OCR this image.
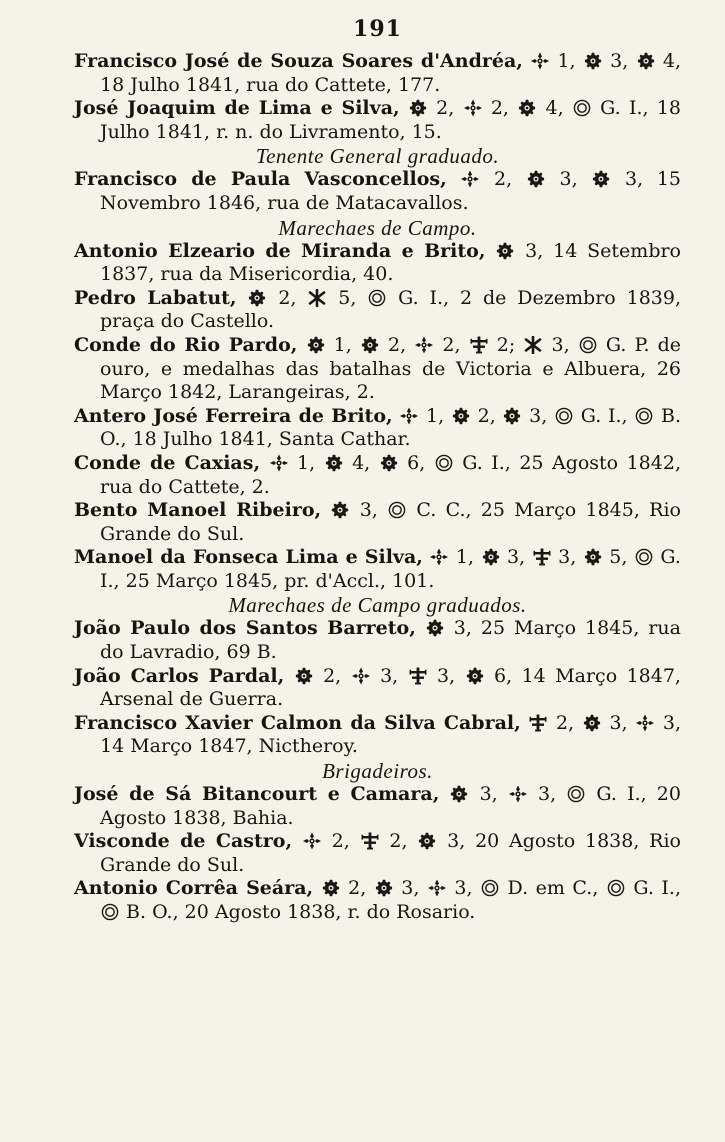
191

Francisco José de Souza Soares d'Andréa,
1,
3,
4, 18 Julho 1841, rua do Cattete, 177.

José Joaquim de Lima e Silva,
2,
2,
4,
G. I., 18 Julho 1841, r. n. do Livramento, 15.

Tenente General graduado.

Francisco de Paula Vasconcellos,
2,
3,
3, 15 Novembro 1846, rua de Matacavallos.

Marechaes de Campo.

Antonio Elzeario de Miranda e Brito,
3, 14 Setembro 1837, rua da Misericordia, 40.

Pedro Labatut,
2,
5,
G. I., 2 de Dezembro 1839, praça do Castello.

Conde do Rio Pardo,
1,
2,
2,
2;
3,
G. P. de ouro, e medalhas das batalhas de Victoria e Albuera, 26 Março 1842, Larangeiras, 2.

Antero José Ferreira de Brito,
1,
2,
3,
G. I.,
B. O., 18 Julho 1841, Santa Cathar.

Conde de Caxias,
1,
4,
6,
G. I., 25 Agosto 1842, rua do Cattete, 2.

Bento Manoel Ribeiro,
3,
C. C., 25 Março 1845, Rio Grande do Sul.

Manoel da Fonseca Lima e Silva,
1,
3,
3,
5,
G. I., 25 Março 1845, pr. d'Accl., 101.

Marechaes de Campo graduados.

João Paulo dos Santos Barreto,
3, 25 Março 1845, rua do Lavradio, 69 B.

João Carlos Pardal,
2,
3,
3,
6, 14 Março 1847, Arsenal de Guerra.

Francisco Xavier Calmon da Silva Cabral,
2,
3,
3, 14 Março 1847, Nictheroy.

Brigadeiros.

José de Sá Bitancourt e Camara,
3,
3,
G. I., 20 Agosto 1838, Bahia.

Visconde de Castro,
2,
2,
3, 20 Agosto 1838, Rio Grande do Sul.

Antonio Corrêa Seára,
2,
3,
3,
D. em C.,
G. I.,
B. O., 20 Agosto 1838, r. do Rosario.
